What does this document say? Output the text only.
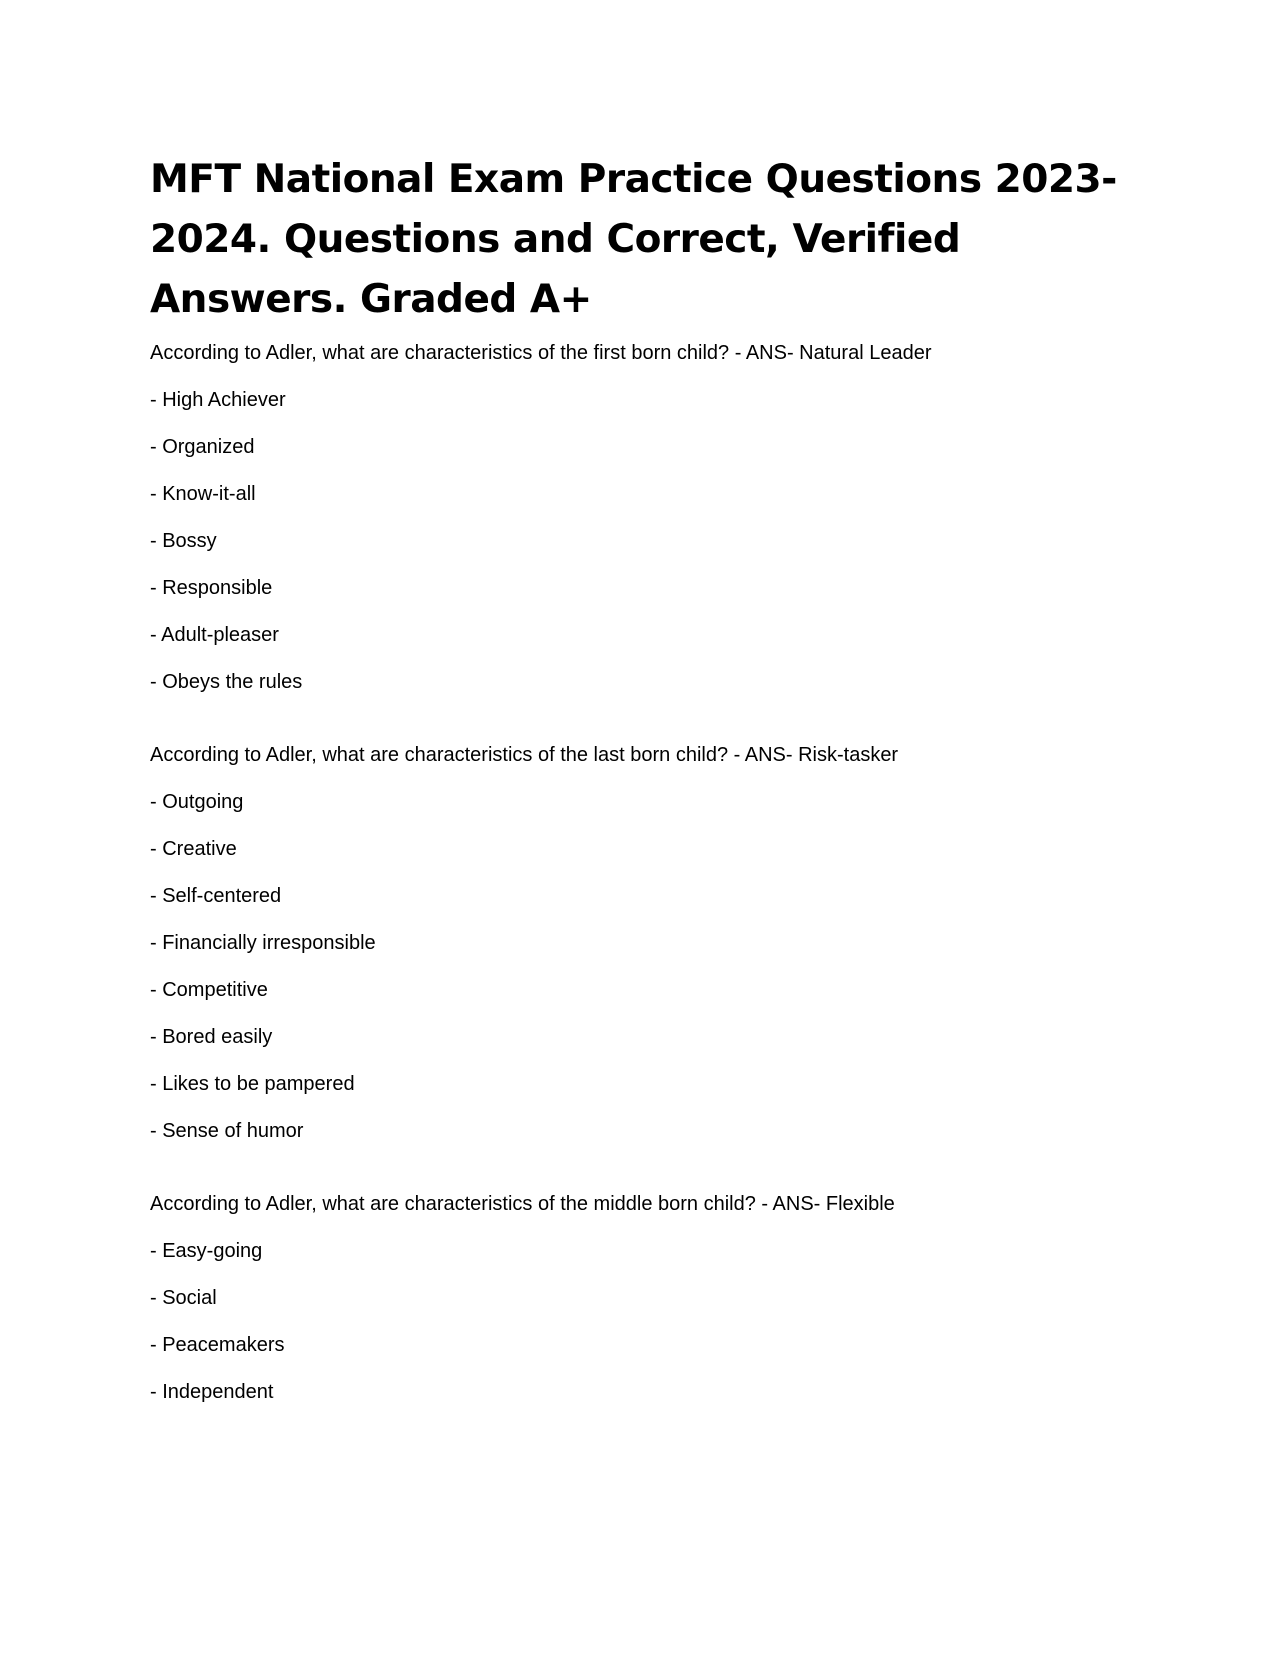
MFT National Exam Practice Questions 2023-2024. Questions and Correct, Verified Answers. Graded A+
According to Adler, what are characteristics of the first born child? - ANS- Natural Leader
- High Achiever
- Organized
- Know-it-all
- Bossy
- Responsible
- Adult-pleaser
- Obeys the rules
According to Adler, what are characteristics of the last born child? - ANS- Risk-tasker
- Outgoing
- Creative
- Self-centered
- Financially irresponsible
- Competitive
- Bored easily
- Likes to be pampered
- Sense of humor
According to Adler, what are characteristics of the middle born child? - ANS- Flexible
- Easy-going
- Social
- Peacemakers
- Independent
